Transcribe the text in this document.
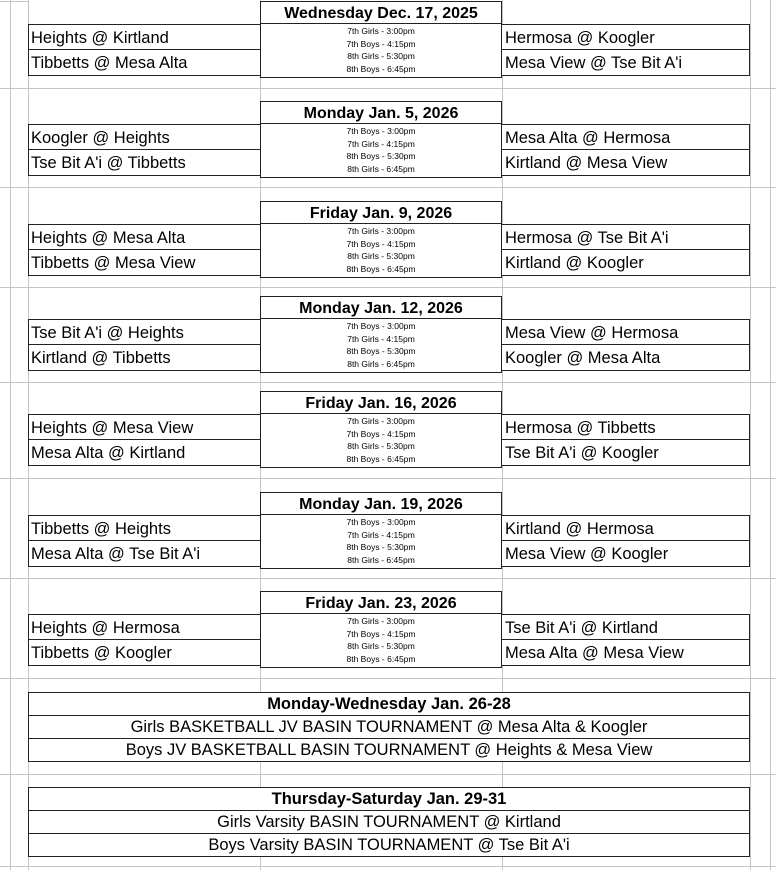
Wednesday Dec. 17, 2025
Heights @ Kirtland
Tibbetts @ Mesa Alta
7th Girls - 3:00pm
7th Boys - 4:15pm
8th Girls - 5:30pm
8th Boys - 6:45pm
Hermosa @ Koogler
Mesa View @ Tse Bit A'i
Monday Jan. 5, 2026
Koogler @ Heights
Tse Bit A'i @ Tibbetts
7th Boys - 3:00pm
7th Girls - 4:15pm
8th Boys - 5:30pm
8th Girls - 6:45pm
Mesa Alta @ Hermosa
Kirtland @ Mesa View
Friday Jan. 9, 2026
Heights @ Mesa Alta
Tibbetts @ Mesa View
7th Girls - 3:00pm
7th Boys - 4:15pm
8th Girls - 5:30pm
8th Boys - 6:45pm
Hermosa @ Tse Bit A'i
Kirtland @ Koogler
Monday Jan. 12, 2026
Tse Bit A'i @ Heights
Kirtland @ Tibbetts
7th Boys - 3:00pm
7th Girls - 4:15pm
8th Boys - 5:30pm
8th Girls - 6:45pm
Mesa View @ Hermosa
Koogler @ Mesa Alta
Friday Jan. 16, 2026
Heights @ Mesa View
Mesa Alta @ Kirtland
7th Girls - 3:00pm
7th Boys - 4:15pm
8th Girls - 5:30pm
8th Boys - 6:45pm
Hermosa @ Tibbetts
Tse Bit A'i @ Koogler
Monday Jan. 19, 2026
Tibbetts @ Heights
Mesa Alta @ Tse Bit A'i
7th Boys - 3:00pm
7th Girls - 4:15pm
8th Boys - 5:30pm
8th Girls - 6:45pm
Kirtland @ Hermosa
Mesa View @ Koogler
Friday Jan. 23, 2026
Heights @ Hermosa
Tibbetts @ Koogler
7th Girls - 3:00pm
7th Boys - 4:15pm
8th Girls - 5:30pm
8th Boys - 6:45pm
Tse Bit A'i @ Kirtland
Mesa Alta @ Mesa View
Monday-Wednesday Jan. 26-28
Girls BASKETBALL JV BASIN TOURNAMENT @ Mesa Alta & Koogler
Boys JV BASKETBALL BASIN TOURNAMENT @ Heights & Mesa View
Thursday-Saturday Jan. 29-31
Girls Varsity BASIN TOURNAMENT @ Kirtland
Boys Varsity BASIN TOURNAMENT @ Tse Bit A'i
